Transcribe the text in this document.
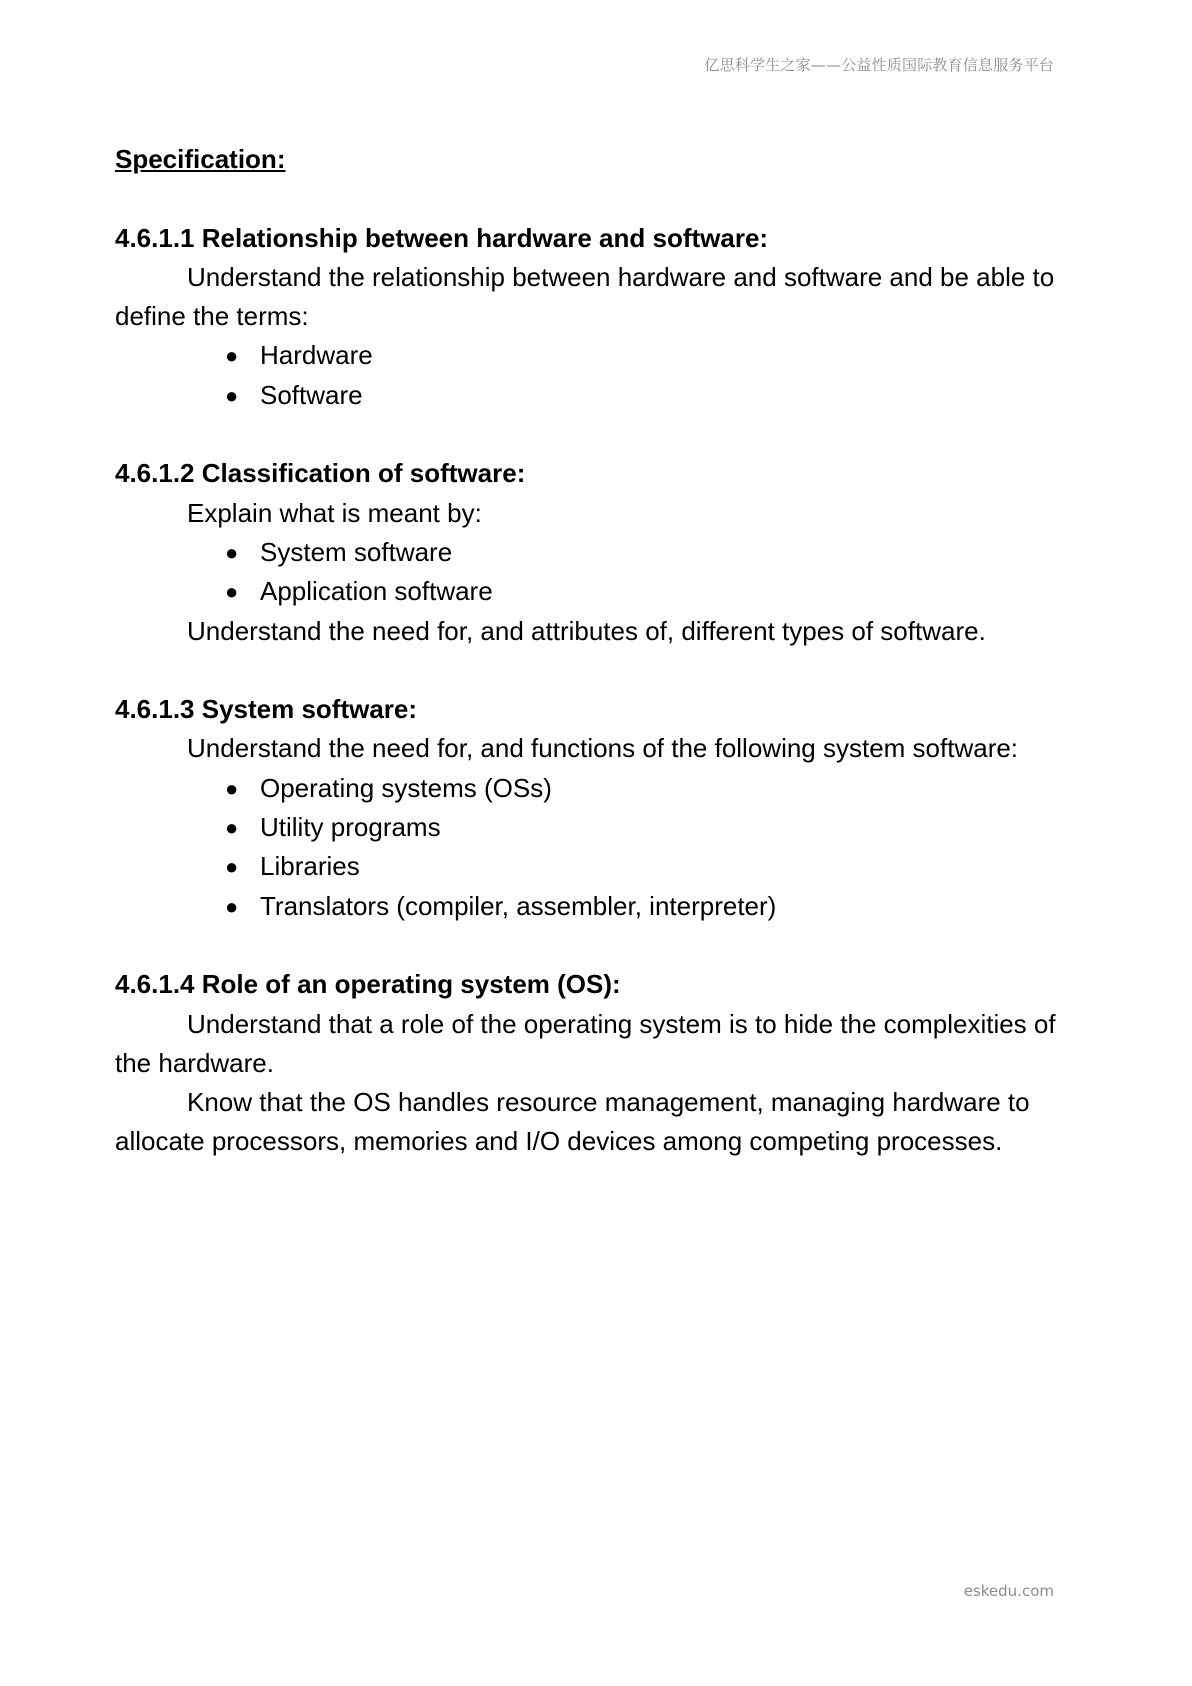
亿思科学生之家——公益性质国际教育信息服务平台

Specification:

4.6.1.1 Relationship between hardware and software:

Understand the relationship between hardware and software and be able to define the terms:

● Hardware
● Software

4.6.1.2 Classification of software:

Explain what is meant by:

● System software
● Application software

Understand the need for, and attributes of, different types of software.

4.6.1.3 System software:

Understand the need for, and functions of the following system software:

● Operating systems (OSs)
● Utility programs
● Libraries
● Translators (compiler, assembler, interpreter)

4.6.1.4 Role of an operating system (OS):

Understand that a role of the operating system is to hide the complexities of the hardware.

Know that the OS handles resource management, managing hardware to allocate processors, memories and I/O devices among competing processes.

eskedu.com
